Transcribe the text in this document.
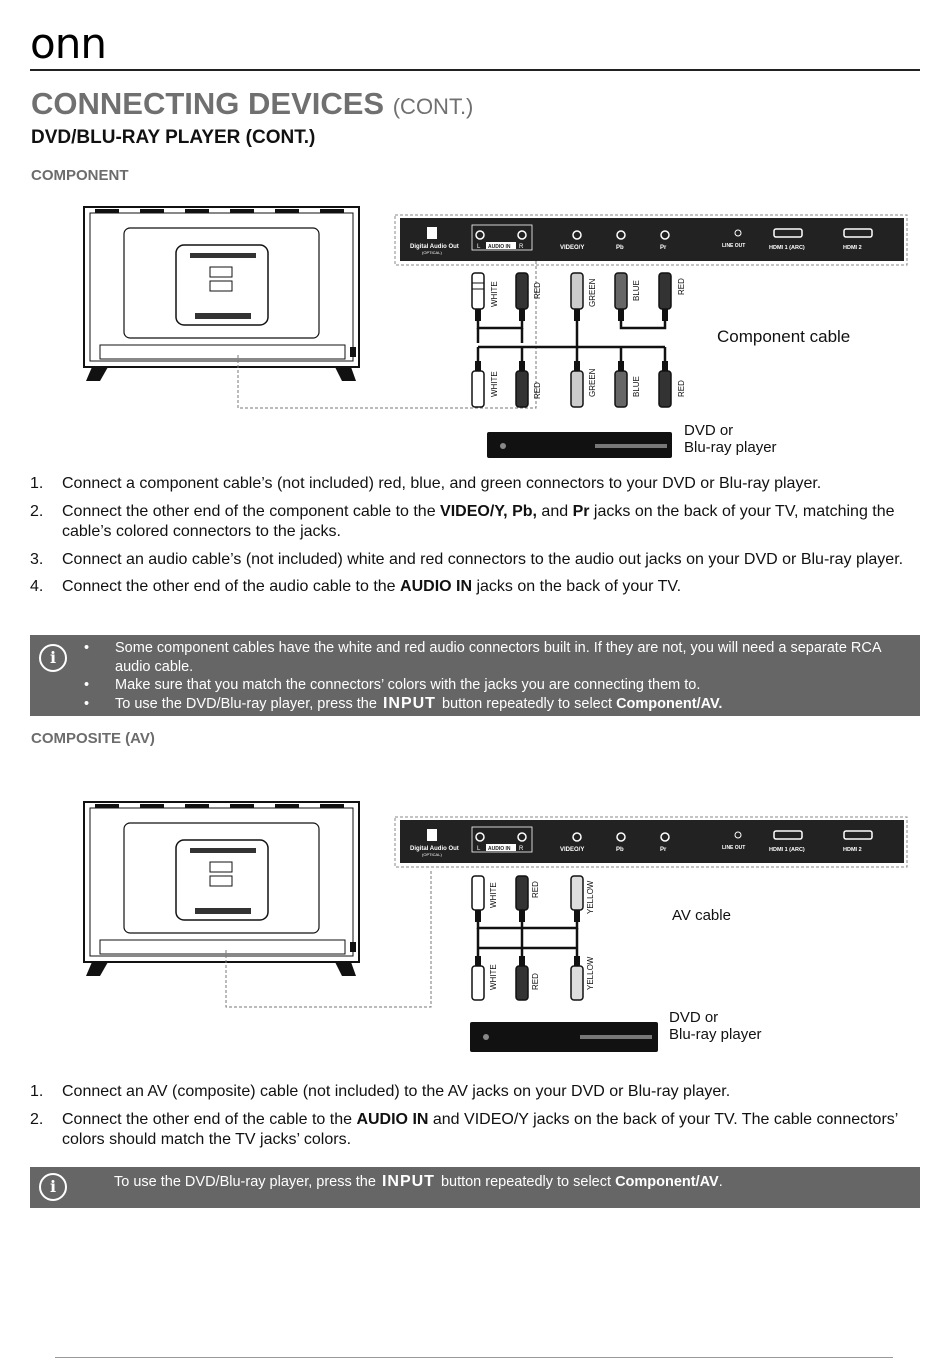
onn
CONNECTING DEVICES (CONT.)
DVD/BLU-RAY PLAYER (CONT.)
COMPONENT
Digital Audio Out
(OPTICAL)
L AUDIO IN R	VIDEO/Y	Pb	Pr	LINE OUT	HDMI 1 (ARC)	HDMI 2
WHITE	RED	GREEN	BLUE	RED
WHITE	RED	GREEN	BLUE	RED
Component cable
DVD or
Blu-ray player
1. Connect a component cable’s (not included) red, blue, and green connectors to your DVD or Blu-ray player.
2. Connect the other end of the component cable to the VIDEO/Y, Pb, and Pr jacks on the back of your TV, matching the cable’s colored connectors to the jacks.
3. Connect an audio cable’s (not included) white and red connectors to the audio out jacks on your DVD or Blu-ray player.
4. Connect the other end of the audio cable to the AUDIO IN jacks on the back of your TV.
i	• Some component cables have the white and red audio connectors built in. If they are not, you will need a separate RCA audio cable.
• Make sure that you match the connectors’ colors with the jacks you are connecting them to.
• To use the DVD/Blu-ray player, press the INPUT button repeatedly to select Component/AV.
COMPOSITE (AV)
Digital Audio Out
(OPTICAL)
L AUDIO IN R	VIDEO/Y	Pb	Pr	LINE OUT	HDMI 1 (ARC)	HDMI 2
WHITE	RED	YELLOW
WHITE	RED	YELLOW
AV cable
DVD or
Blu-ray player
1. Connect an AV (composite) cable (not included) to the AV jacks on your DVD or Blu-ray player.
2. Connect the other end of the cable to the AUDIO IN and VIDEO/Y jacks on the back of your TV. The cable connectors’ colors should match the TV jacks’ colors.
i	To use the DVD/Blu-ray player, press the INPUT button repeatedly to select Component/AV.
